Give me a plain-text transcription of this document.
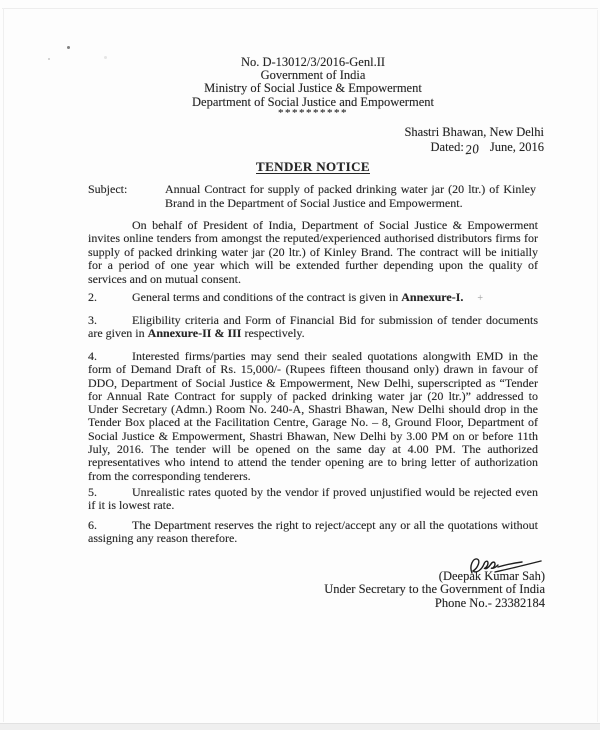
No. D-13012/3/2016-Genl.II
Government of India
Ministry of Social Justice & Empowerment
Department of Social Justice and Empowerment
**********
Shastri Bhawan, New Delhi
Dated:20 June, 2016
TENDER NOTICE
Subject:	Annual Contract for supply of packed drinking water jar (20 ltr.) of Kinley Brand in the Department of Social Justice and Empowerment.
On behalf of President of India, Department of Social Justice & Empowerment invites online tenders from amongst the reputed/experienced authorised distributors firms for supply of packed drinking water jar (20 ltr.) of Kinley Brand. The contract will be initially for a period of one year which will be extended further depending upon the quality of services and on mutual consent.
2.	General terms and conditions of the contract is given in Annexure-I. +
3.	Eligibility criteria and Form of Financial Bid for submission of tender documents are given in Annexure-II & III respectively.
4.	Interested firms/parties may send their sealed quotations alongwith EMD in the form of Demand Draft of Rs. 15,000/- (Rupees fifteen thousand only) drawn in favour of DDO, Department of Social Justice & Empowerment, New Delhi, superscripted as “Tender for Annual Rate Contract for supply of packed drinking water jar (20 ltr.)” addressed to Under Secretary (Admn.) Room No. 240-A, Shastri Bhawan, New Delhi should drop in the Tender Box placed at the Facilitation Centre, Garage No. – 8, Ground Floor, Department of Social Justice & Empowerment, Shastri Bhawan, New Delhi by 3.00 PM on or before 11th July, 2016. The tender will be opened on the same day at 4.00 PM. The authorized representatives who intend to attend the tender opening are to bring letter of authorization from the corresponding tenderers.
5.	Unrealistic rates quoted by the vendor if proved unjustified would be rejected even if it is lowest rate.
6.	The Department reserves the right to reject/accept any or all the quotations without assigning any reason therefore.
(Deepak Kumar Sah)
Under Secretary to the Government of India
Phone No.- 23382184
